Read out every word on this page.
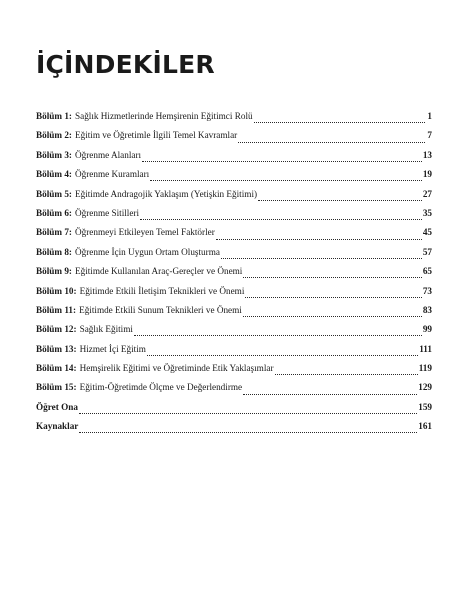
İÇİNDEKİLER
Bölüm 1: Sağlık Hizmetlerinde Hemşirenin Eğitimci Rolü	1
Bölüm 2: Eğitim ve Öğretimle İlgili Temel Kavramlar	7
Bölüm 3: Öğrenme Alanları	13
Bölüm 4: Öğrenme Kuramları	19
Bölüm 5: Eğitimde Andragojik Yaklaşım (Yetişkin Eğitimi)	27
Bölüm 6: Öğrenme Sitilleri	35
Bölüm 7: Öğrenmeyi Etkileyen Temel Faktörler	45
Bölüm 8: Öğrenme İçin Uygun Ortam Oluşturma	57
Bölüm 9: Eğitimde Kullanılan Araç-Gereçler ve Önemi	65
Bölüm 10: Eğitimde Etkili İletişim Teknikleri ve Önemi	73
Bölüm 11: Eğitimde Etkili Sunum Teknikleri ve Önemi	83
Bölüm 12: Sağlık Eğitimi	99
Bölüm 13: Hizmet İçi Eğitim	111
Bölüm 14: Hemşirelik Eğitimi ve Öğretiminde Etik Yaklaşımlar	119
Bölüm 15: Eğitim-Öğretimde Ölçme ve Değerlendirme	129
Öğret Ona	159
Kaynaklar	161
